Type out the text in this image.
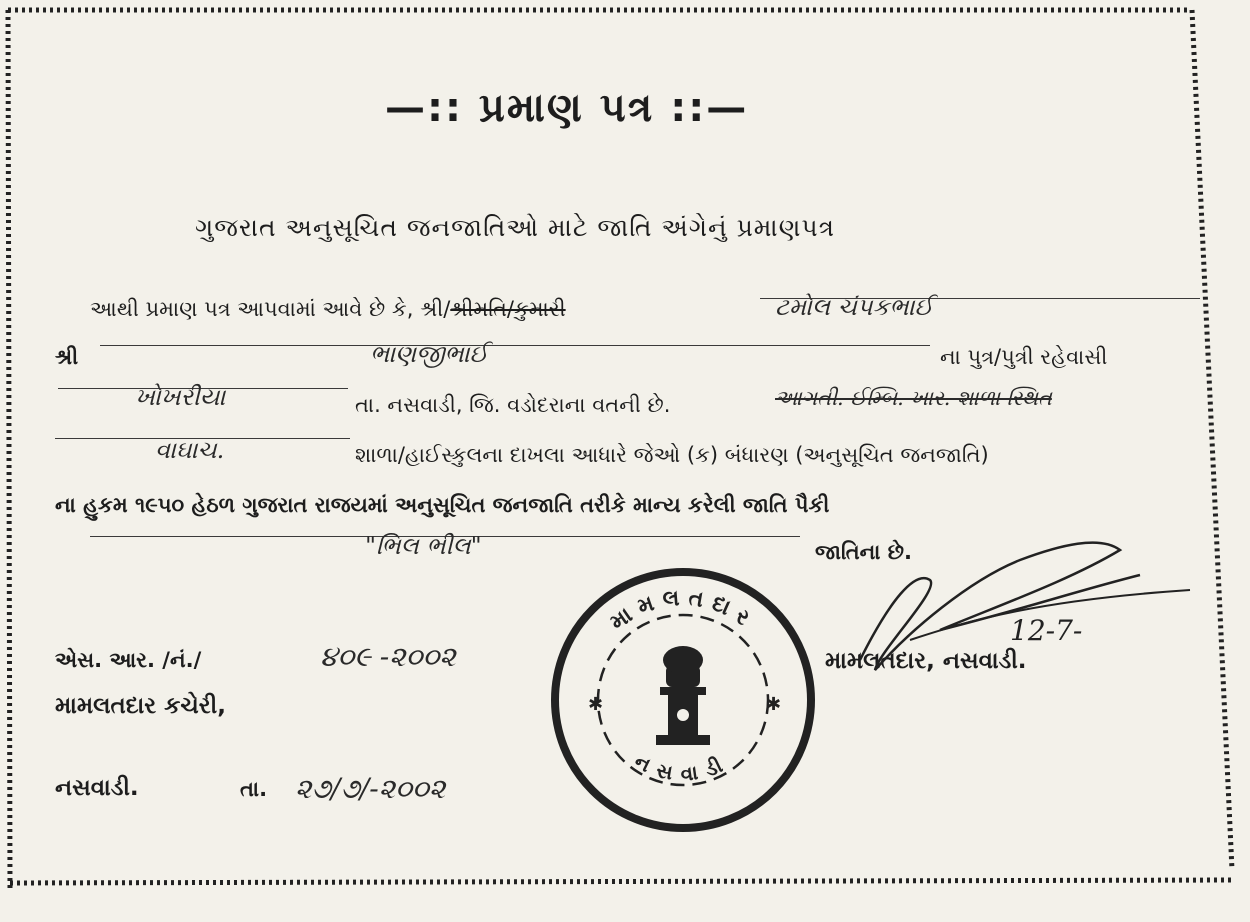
—:: પ્રમાણ પત્ર ::—
ગુજરાત અનુસૂચિત જનજાતિઓ માટે જાતિ અંગેનું પ્રમાણપત્ર
આથી પ્રમાણ પત્ર આપવામાં આવે છે કે, શ્રી/શ્રીમતિ/કુમારી	ટમોલ ચંપકભાઈ
શ્રી	ભાણજીભાઈ	ના પુત્ર/પુત્રી રહેવાસી
ખોખરીયા	તા. નસવાડી, જિ. વડોદરાના વતની છે.	આગતી. ઈમ્બિ. ખાર. શાળા સ્થિત
વાઘાચ.	શાળા/હાઈસ્કુલના દાખલા આધારે જેઓ (ક) બંધારણ (અનુસૂચિત જનજાતિ)
ના હુકમ ૧૯૫૦ હેઠળ ગુજરાત રાજયમાં અનુસૂચિત જનજાતિ તરીકે માન્ય કરેલી જાતિ પૈકી
"ભિલ ભીલ"	જાતિના છે.
એસ. આર. /નં./	૪૦૯ -૨૦૦૨
મામલતદાર કચેરી,
નસવાડી.	તા. ૨૭/૭/-૨૦૦૨
મામલતદાર, નસવાડી.
12-7-
મામલતદાર
નસવાડી
✱	✱
